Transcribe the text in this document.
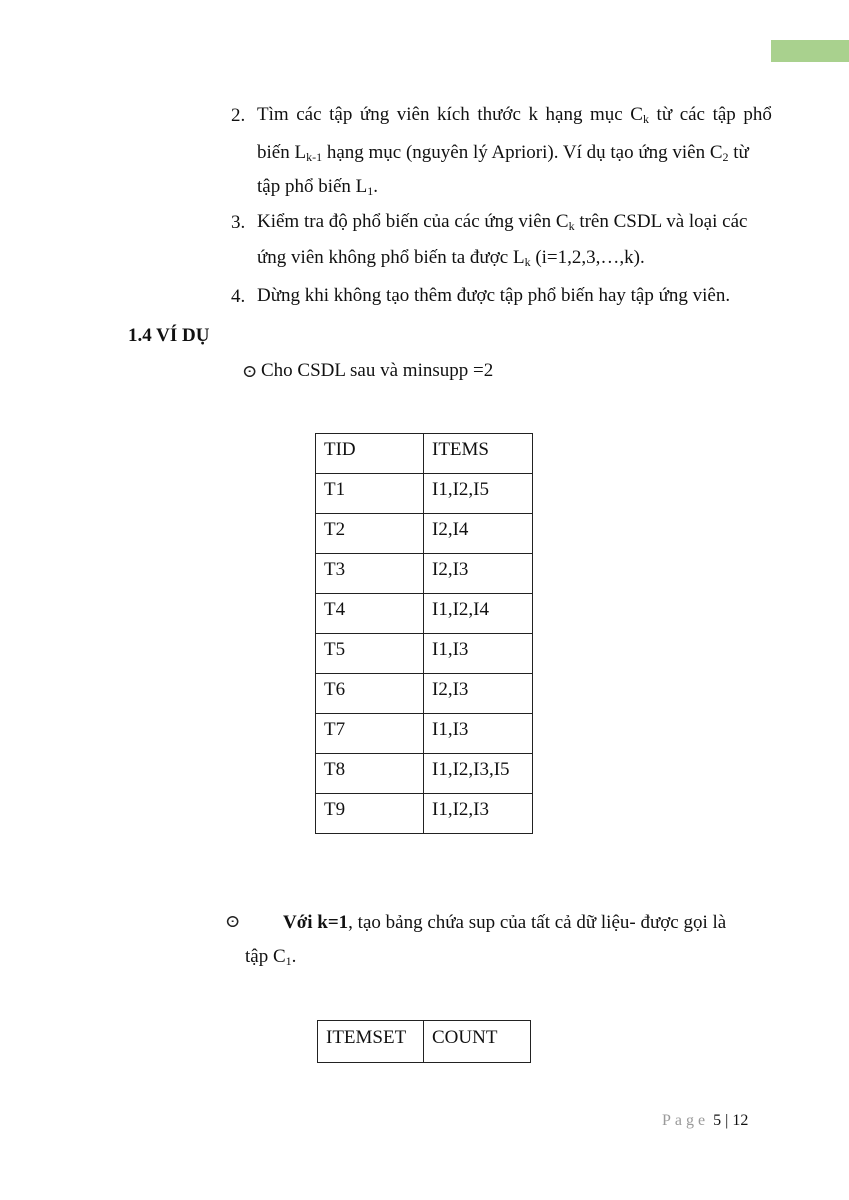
2. Tìm các tập ứng viên kích thước k hạng mục $C_k$ từ các tập phổ
biến $L_{k-1}$ hạng mục (nguyên lý Apriori). Ví dụ tạo ứng viên $C_2$ từ
tập phổ biến $L_1$.
3. Kiểm tra độ phổ biến của các ứng viên $C_k$ trên CSDL và loại các
ứng viên không phổ biến ta được $L_k$ (i=1,2,3,…,k).
4. Dừng khi không tạo thêm được tập phổ biến hay tập ứng viên.
1.4 VÍ DỤ
ⵙ Cho CSDL sau và minsupp =2
TID	ITEMS
T1	I1,I2,I5
T2	I2,I4
T3	I2,I3
T4	I1,I2,I4
T5	I1,I3
T6	I2,I3
T7	I1,I3
T8	I1,I2,I3,I5
T9	I1,I2,I3
ⵙ Với k=1, tạo bảng chứa sup của tất cả dữ liệu- được gọi là
tập $C_1$.
ITEMSET	COUNT
Page 5 | 12
